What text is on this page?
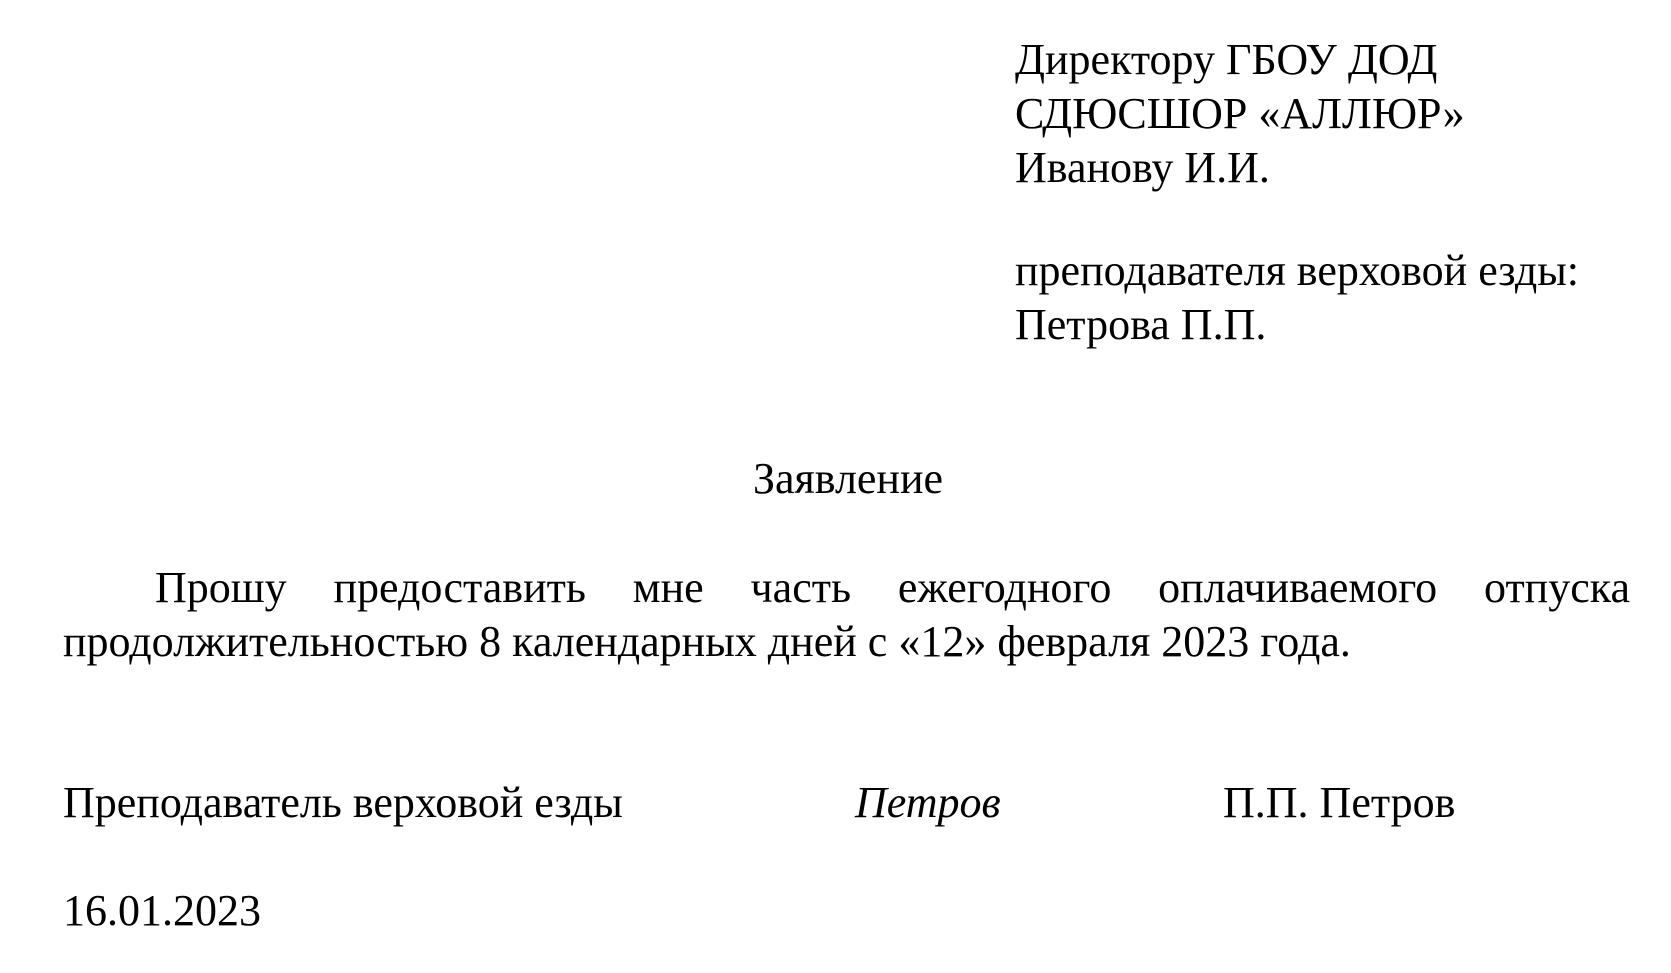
Директору ГБОУ ДОД
СДЮСШОР «АЛЛЮР»
Иванову И.И.
преподавателя верховой езды:
Петрова П.П.
Заявление
Прошу предоставить мне часть ежегодного оплачиваемого отпуска продолжительностью 8 календарных дней с «12» февраля 2023 года.
Преподаватель верховой езды	Петров	П.П. Петров
16.01.2023
